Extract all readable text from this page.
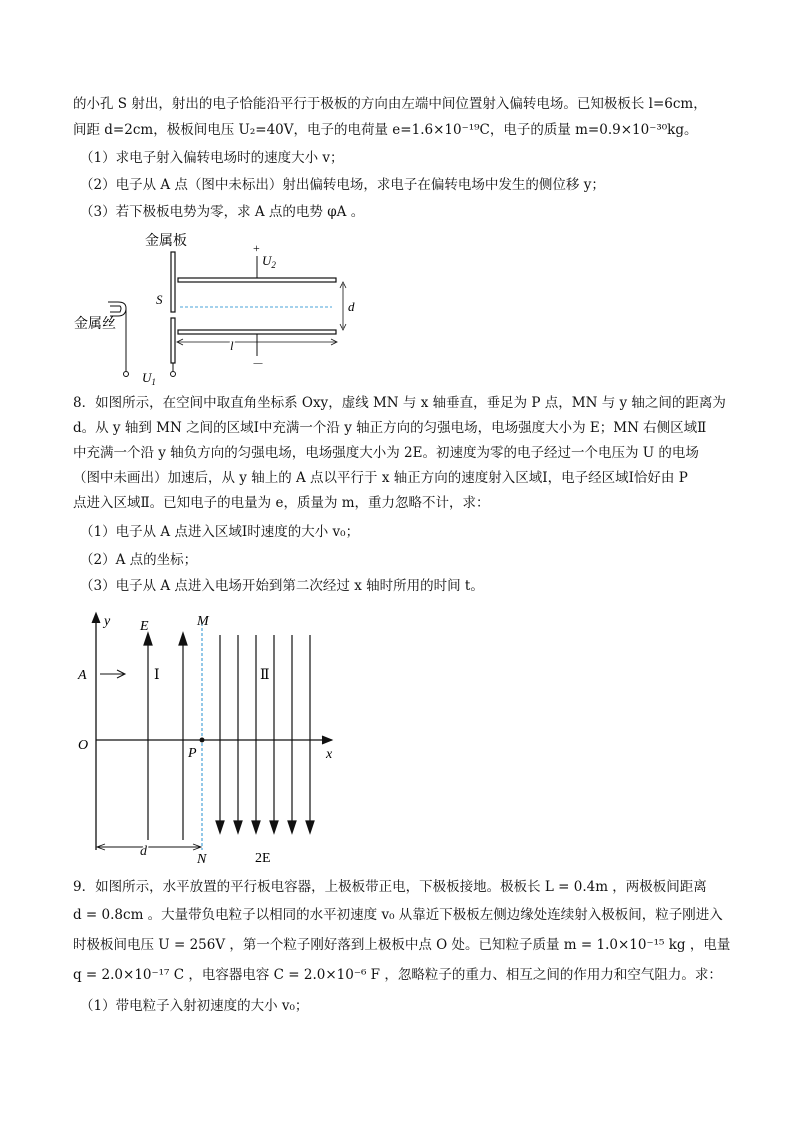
的小孔 S 射出，射出的电子恰能沿平行于极板的方向由左端中间位置射入偏转电场。已知极板长 l=6cm，
间距 d=2cm，极板间电压 U₂=40V，电子的电荷量 e=1.6×10⁻¹⁹C，电子的质量 m=0.9×10⁻³⁰kg。
（1）求电子射入偏转电场时的速度大小 v；
（2）电子从 A 点（图中未标出）射出偏转电场，求电子在偏转电场中发生的侧位移 y；
（3）若下极板电势为零，求 A 点的电势 φA 。
金属板
S
+
$U_2$
－
d
l
金属丝
$U_1$
8．如图所示，在空间中取直角坐标系 Oxy，虚线 MN 与 x 轴垂直，垂足为 P 点，MN 与 y 轴之间的距离为
d。从 y 轴到 MN 之间的区域Ⅰ中充满一个沿 y 轴正方向的匀强电场，电场强度大小为 E；MN 右侧区域Ⅱ
中充满一个沿 y 轴负方向的匀强电场，电场强度大小为 2E。初速度为零的电子经过一个电压为 U 的电场
（图中未画出）加速后，从 y 轴上的 A 点以平行于 x 轴正方向的速度射入区域Ⅰ，电子经区域Ⅰ恰好由 P
点进入区域Ⅱ。已知电子的电量为 e，质量为 m，重力忽略不计，求：
（1）电子从 A 点进入区域Ⅰ时速度的大小 v₀；
（2）A 点的坐标；
（3）电子从 A 点进入电场开始到第二次经过 x 轴时所用的时间 t。
y
x
O
E	M
N
P
2E
A	Ⅰ	Ⅱ
d
9．如图所示，水平放置的平行板电容器，上极板带正电，下极板接地。极板长 L = 0.4m ，两极板间距离
d = 0.8cm 。大量带负电粒子以相同的水平初速度 v₀ 从靠近下极板左侧边缘处连续射入极板间，粒子刚进入
时极板间电压 U = 256V ，第一个粒子刚好落到上极板中点 O 处。已知粒子质量 m = 1.0×10⁻¹⁵ kg ，电量
q = 2.0×10⁻¹⁷ C ，电容器电容 C = 2.0×10⁻⁶ F ，忽略粒子的重力、相互之间的作用力和空气阻力。求：
（1）带电粒子入射初速度的大小 v₀；
